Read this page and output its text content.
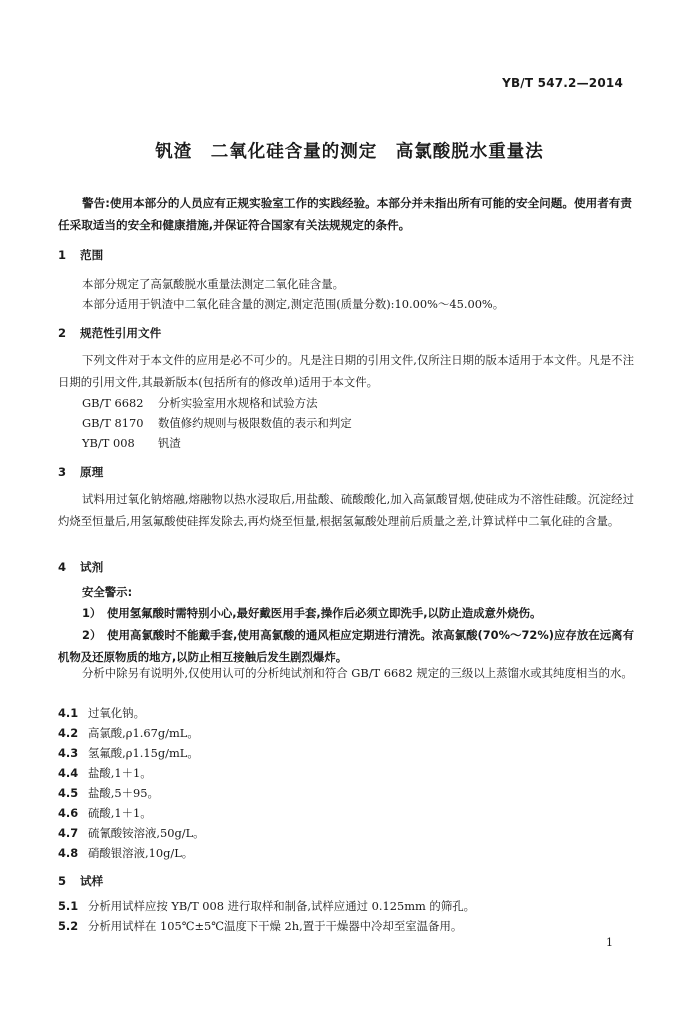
YB/T 547.2—2014
钒渣　二氧化硅含量的测定　高氯酸脱水重量法
警告:使用本部分的人员应有正规实验室工作的实践经验。本部分并未指出所有可能的安全问题。使用者有责任采取适当的安全和健康措施,并保证符合国家有关法规规定的条件。
1 范围
本部分规定了高氯酸脱水重量法测定二氧化硅含量。
本部分适用于钒渣中二氧化硅含量的测定,测定范围(质量分数):10.00%～45.00%。
2 规范性引用文件
下列文件对于本文件的应用是必不可少的。凡是注日期的引用文件,仅所注日期的版本适用于本文件。凡是不注日期的引用文件,其最新版本(包括所有的修改单)适用于本文件。
GB/T 6682 分析实验室用水规格和试验方法
GB/T 8170 数值修约规则与极限数值的表示和判定
YB/T 008 钒渣
3 原理
试料用过氧化钠熔融,熔融物以热水浸取后,用盐酸、硫酸酸化,加入高氯酸冒烟,使硅成为不溶性硅酸。沉淀经过灼烧至恒量后,用氢氟酸使硅挥发除去,再灼烧至恒量,根据氢氟酸处理前后质量之差,计算试样中二氧化硅的含量。
4 试剂
安全警示:
1）　使用氢氟酸时需特别小心,最好戴医用手套,操作后必须立即洗手,以防止造成意外烧伤。
2）　使用高氯酸时不能戴手套,使用高氯酸的通风柜应定期进行清洗。浓高氯酸(70%～72%)应存放在远离有机物及还原物质的地方,以防止相互接触后发生剧烈爆炸。
分析中除另有说明外,仅使用认可的分析纯试剂和符合 GB/T 6682 规定的三级以上蒸馏水或其纯度相当的水。
4.1 过氧化钠。
4.2 高氯酸,ρ1.67g/mL。
4.3 氢氟酸,ρ1.15g/mL。
4.4 盐酸,1＋1。
4.5 盐酸,5＋95。
4.6 硫酸,1＋1。
4.7 硫氰酸铵溶液,50g/L。
4.8 硝酸银溶液,10g/L。
5 试样
5.1 分析用试样应按 YB/T 008 进行取样和制备,试样应通过 0.125mm 的筛孔。
5.2 分析用试样在 105℃±5℃温度下干燥 2h,置于干燥器中冷却至室温备用。
1
